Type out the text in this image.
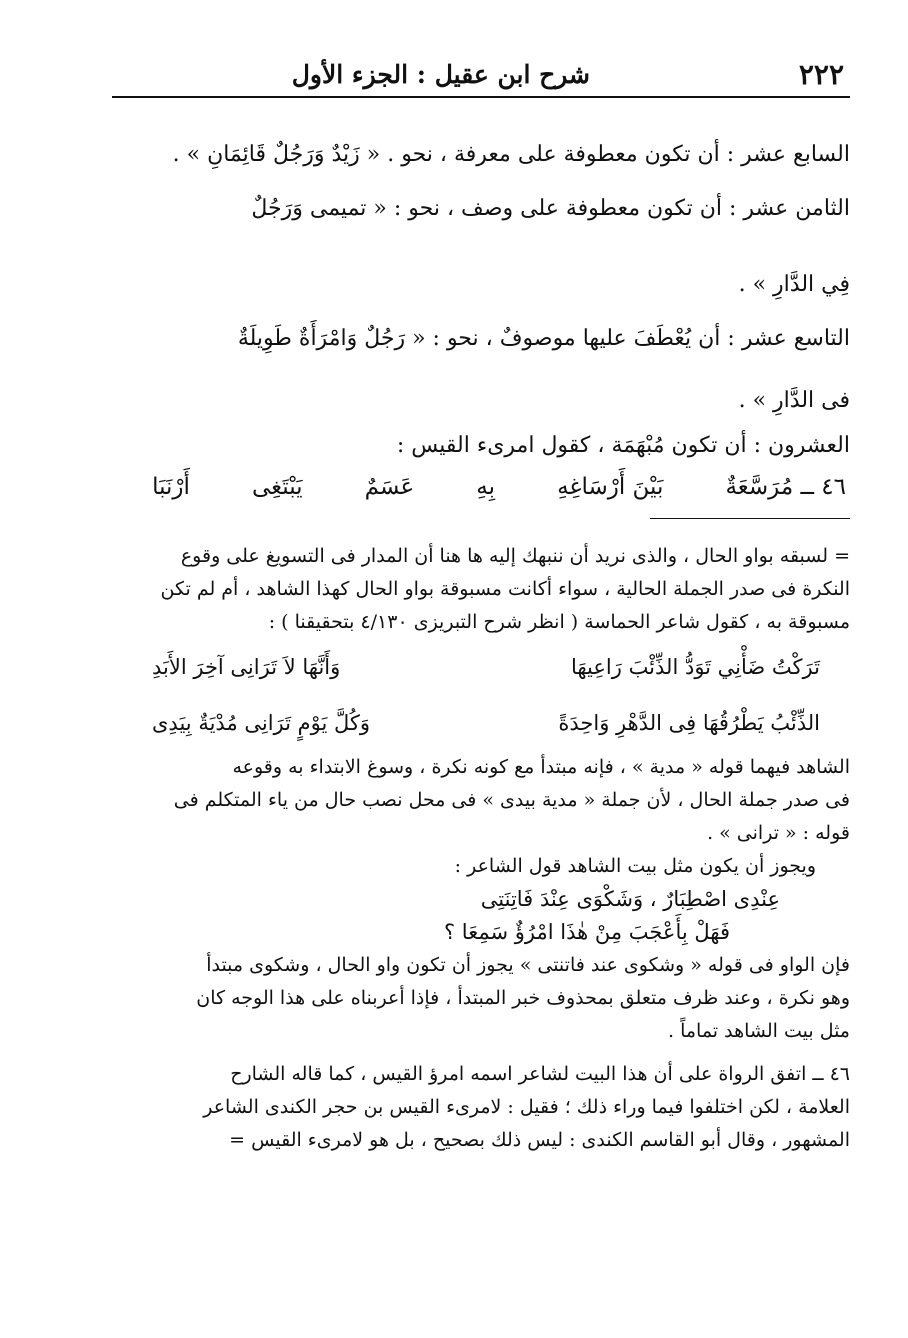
٢٢٢
شرح ابن عقيل : الجزء الأول

السابع عشر : أن تكون معطوفة على معرفة ، نحو . « زَيْدٌ وَرَجُلٌ قَائِمَانِ » .

الثامن عشر : أن تكون معطوفة على وصف ، نحو : « تميمى وَرَجُلٌ

فِي الدَّارِ » .

التاسع عشر : أن يُعْطَفَ عليها موصوفٌ ، نحو : « رَجُلٌ وَامْرَأَةٌ طَوِيلَةٌ

فى الدَّارِ » .

العشرون : أن تكون مُبْهَمَة ، كقول امرىء القيس :

٤٦ ــ مُرَسَّعَةٌ
بَيْنَ أَرْسَاغِهِ
بِهِ
عَسَمٌ
يَبْتَغِى
أَرْنَبَا

= لسبقه بواو الحال ، والذى نريد أن ننبهك إليه ها هنا أن المدار فى التسويغ على وقوع

النكرة فى صدر الجملة الحالية ، سواء أكانت مسبوقة بواو الحال كهذا الشاهد ، أم لم تكن

مسبوقة به ، كقول شاعر الحماسة ( انظر شرح التبريزى ٤/١٣٠ بتحقيقنا ) :

تَرَكْتُ ضَأْنِي تَوَدُّ الذِّئْبَ رَاعِيهَا
وَأَنَّهَا لاَ تَرَانِى آخِرَ الأَبَدِ
الذِّئْبُ يَطْرُقُهَا فِى الدَّهْرِ وَاحِدَةً
وَكُلَّ يَوْمٍ تَرَانِى مُدْيَةٌ بِيَدِى

الشاهد فيهما قوله « مدية » ، فإنه مبتدأ مع كونه نكرة ، وسوغ الابتداء به وقوعه

فى صدر جملة الحال ، لأن جملة « مدية بيدى » فى محل نصب حال من ياء المتكلم فى

قوله : « ترانى » .

ويجوز أن يكون مثل بيت الشاهد قول الشاعر :

عِنْدِى اصْطِبَارٌ ، وَشَكْوَى عِنْدَ فَاتِنَتِى

فَهَلْ بِأَعْجَبَ مِنْ هٰذَا امْرُؤٌ سَمِعَا ؟

فإن الواو فى قوله « وشكوى عند فاتنتى » يجوز أن تكون واو الحال ، وشكوى مبتدأ

وهو نكرة ، وعند ظرف متعلق بمحذوف خبر المبتدأ ، فإذا أعربناه على هذا الوجه كان

مثل بيت الشاهد تماماً .

٤٦ ــ اتفق الرواة على أن هذا البيت لشاعر اسمه امرؤ القيس ، كما قاله الشارح

العلامة ، لكن اختلفوا فيما وراء ذلك ؛ فقيل : لامرىء القيس بن حجر الكندى الشاعر

المشهور ، وقال أبو القاسم الكندى : ليس ذلك بصحيح ، بل هو لامرىء القيس =
